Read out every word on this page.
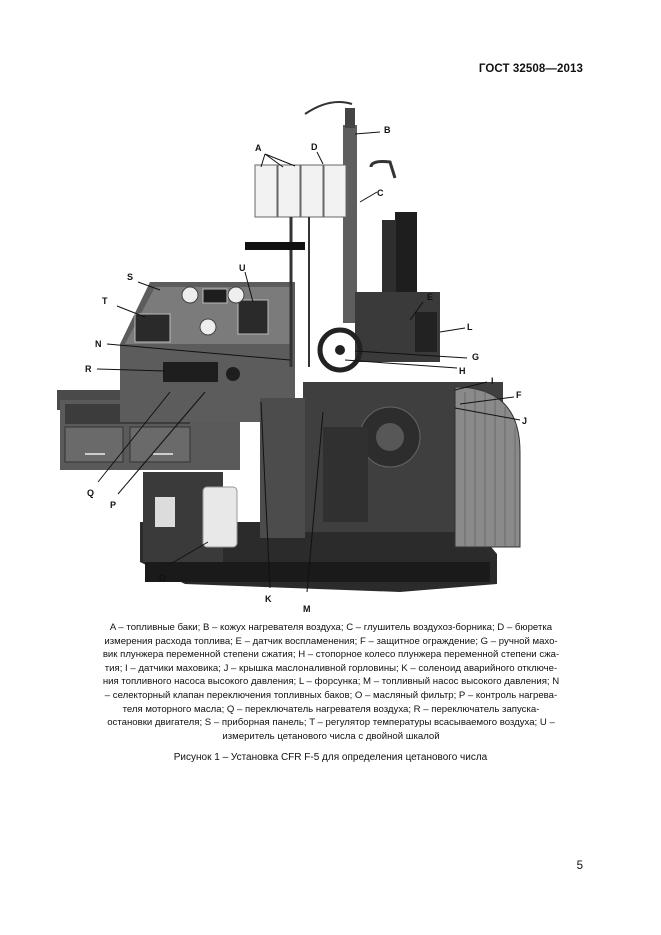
ГОСТ 32508—2013
A	D
B
C
S
T
U
N
R
E
L
G
H
I
F
J
Q
P
O
K
M

A – топливные баки; B – кожух нагревателя воздуха; C – глушитель воздухоз-борника; D – бюретка

измерения расхода топлива; E – датчик воспламенения; F – защитное ограждение; G – ручной махо-

вик плунжера переменной степени сжатия; H – стопорное колесо плунжера переменной степени сжа-

тия; I – датчики маховика; J – крышка маслоналивной горловины; K – соленоид аварийного отключе-

ния топливного насоса высокого давления; L – форсунка; M – топливный насос высокого давления; N

– селекторный клапан переключения топливных баков; O – масляный фильтр; P – контроль нагрева-

теля моторного масла; Q – переключатель нагревателя воздуха; R – переключатель запуска-

остановки двигателя; S – приборная панель; T – регулятор температуры всасываемого воздуха; U –

измеритель цетанового числа с двойной шкалой

Рисунок 1 – Установка CFR F-5 для определения цетанового числа
5
